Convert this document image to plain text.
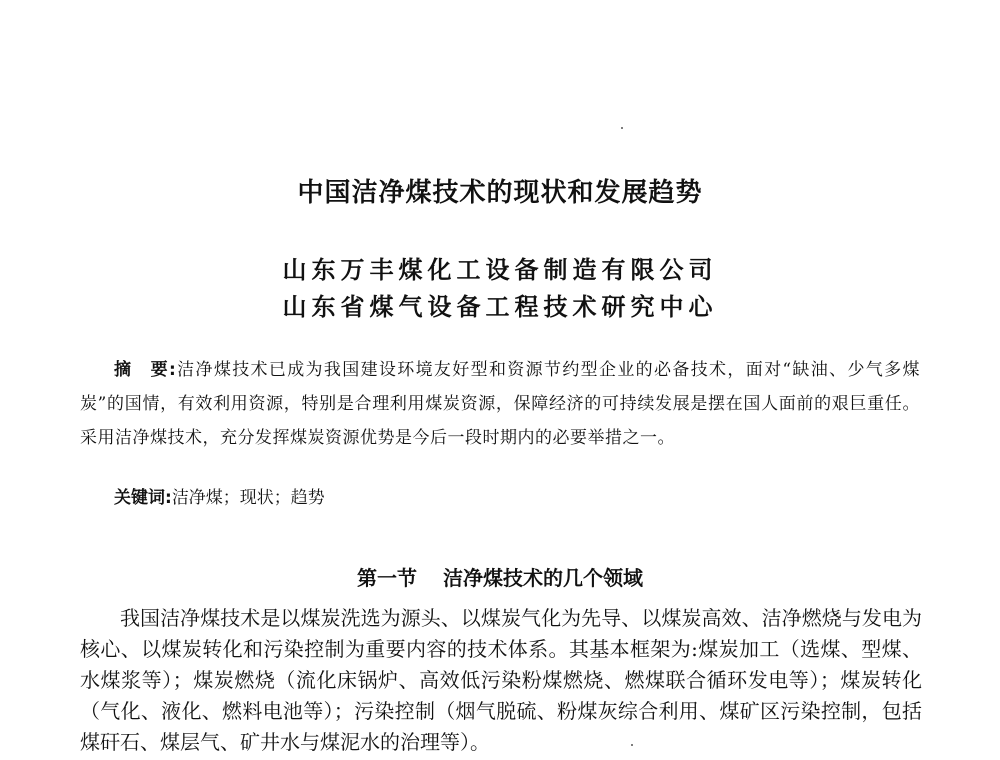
中国洁净煤技术的现状和发展趋势
山东万丰煤化工设备制造有限公司
山东省煤气设备工程技术研究中心
摘　要:洁净煤技术已成为我国建设环境友好型和资源节约型企业的必备技术，面对“缺油、少气多煤炭”的国情，有效利用资源，特别是合理利用煤炭资源，保障经济的可持续发展是摆在国人面前的艰巨重任。采用洁净煤技术，充分发挥煤炭资源优势是今后一段时期内的必要举措之一。
关键词:洁净煤；现状；趋势
第一节 洁净煤技术的几个领域
我国洁净煤技术是以煤炭洗选为源头、以煤炭气化为先导、以煤炭高效、洁净燃烧与发电为核心、以煤炭转化和污染控制为重要内容的技术体系。其基本框架为:煤炭加工（选煤、型煤、水煤浆等）；煤炭燃烧（流化床锅炉、高效低污染粉煤燃烧、燃煤联合循环发电等）；煤炭转化（气化、液化、燃料电池等）；污染控制（烟气脱硫、粉煤灰综合利用、煤矿区污染控制，包括煤矸石、煤层气、矿井水与煤泥水的治理等）。
